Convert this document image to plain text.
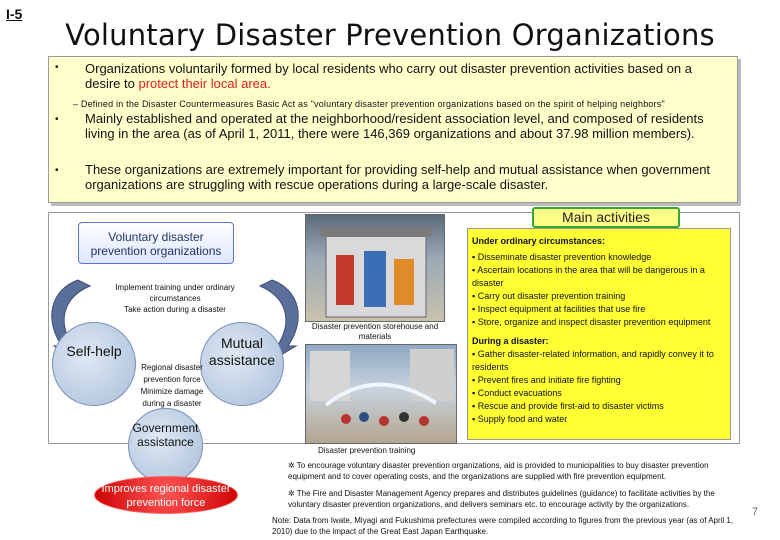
I-5
Voluntary Disaster Prevention Organizations
• Organizations voluntarily formed by local residents who carry out disaster prevention activities based on a desire to protect their local area.
– Defined in the Disaster Countermeasures Basic Act as "voluntary disaster prevention organizations based on the spirit of helping neighbors"
• Mainly established and operated at the neighborhood/resident association level, and composed of residents living in the area (as of April 1, 2011, there were 146,369 organizations and about 37.98 million members).
• These organizations are extremely important for providing self-help and mutual assistance when government organizations are struggling with rescue operations during a large-scale disaster.
Main activities
Voluntary disaster prevention organizations
Implement training under ordinary circumstances
Take action during a disaster
Self-help	Mutual assistance
Government assistance
Regional disaster prevention force
Minimize damage during a disaster
Improves regional disaster prevention force
Disaster prevention storehouse and materials
Disaster prevention training
Under ordinary circumstances:
▪ Disseminate disaster prevention knowledge
▪ Ascertain locations in the area that will be dangerous in a disaster
▪ Carry out disaster prevention training
▪ Inspect equipment at facilities that use fire
▪ Store, organize and inspect disaster prevention equipment
During a disaster:
▪ Gather disaster-related information, and rapidly convey it to residents
▪ Prevent fires and initiate fire fighting
▪ Conduct evacuations
▪ Rescue and provide first-aid to disaster victims
▪ Supply food and water
✲ To encourage voluntary disaster prevention organizations, aid is provided to municipalities to buy disaster prevention equipment and to cover operating costs, and the organizations are supplied with fire prevention equipment.
✲ The Fire and Disaster Management Agency prepares and distributes guidelines (guidance) to facilitate activities by the voluntary disaster prevention organizations, and delivers seminars etc. to encourage activity by the organizations.
Note: Data from Iwate, Miyagi and Fukushima prefectures were compiled according to figures from the previous year (as of April 1, 2010) due to the impact of the Great East Japan Earthquake.
7
